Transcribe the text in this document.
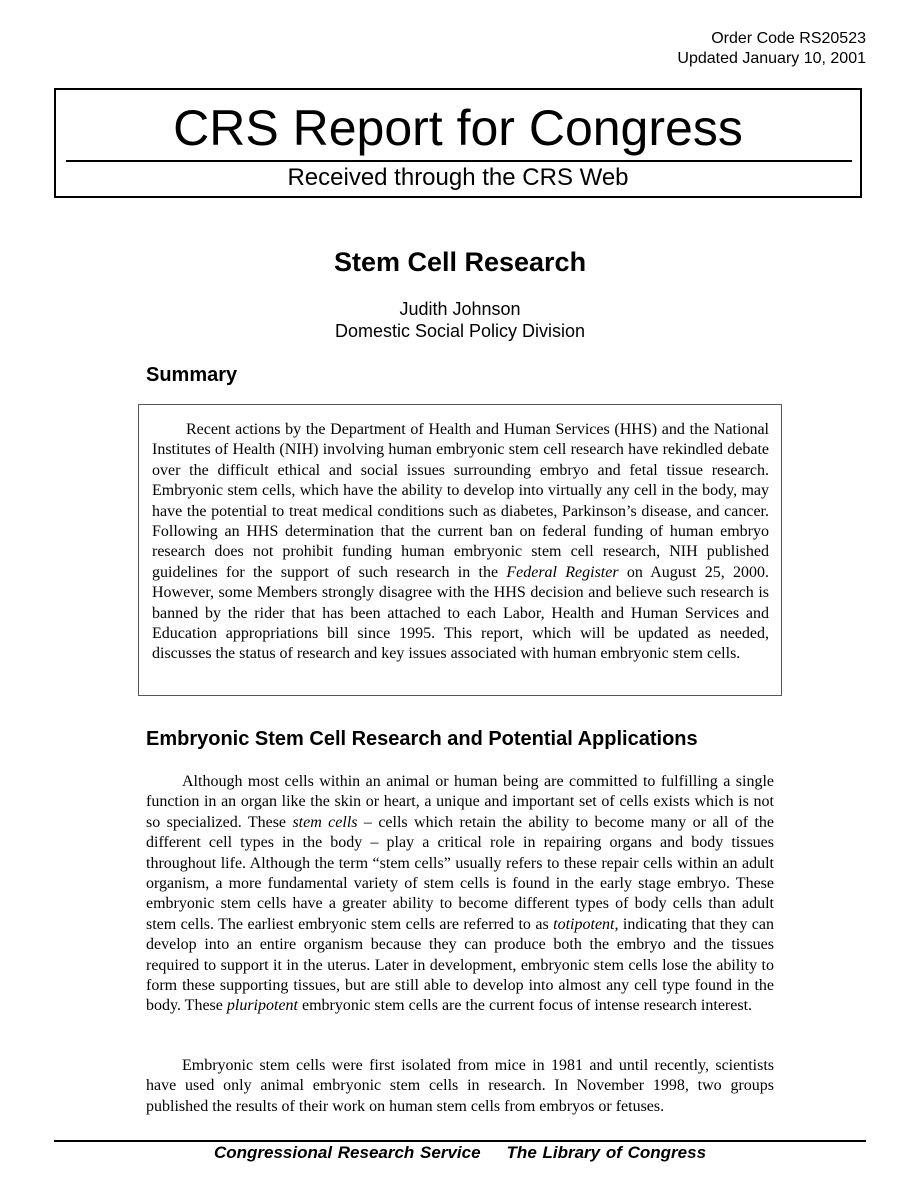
Order Code RS20523
Updated January 10, 2001
CRS Report for Congress
Received through the CRS Web
Stem Cell Research
Judith Johnson
Domestic Social Policy Division
Summary

Recent actions by the Department of Health and Human Services (HHS) and the National Institutes of Health (NIH) involving human embryonic stem cell research have rekindled debate over the difficult ethical and social issues surrounding embryo and fetal tissue research. Embryonic stem cells, which have the ability to develop into virtually any cell in the body, may have the potential to treat medical conditions such as diabetes, Parkinson’s disease, and cancer. Following an HHS determination that the current ban on federal funding of human embryo research does not prohibit funding human embryonic stem cell research, NIH published guidelines for the support of such research in the Federal Register on August 25, 2000. However, some Members strongly disagree with the HHS decision and believe such research is banned by the rider that has been attached to each Labor, Health and Human Services and Education appropriations bill since 1995. This report, which will be updated as needed, discusses the status of research and key issues associated with human embryonic stem cells.

Embryonic Stem Cell Research and Potential Applications

Although most cells within an animal or human being are committed to fulfilling a single function in an organ like the skin or heart, a unique and important set of cells exists which is not so specialized. These stem cells – cells which retain the ability to become many or all of the different cell types in the body – play a critical role in repairing organs and body tissues throughout life. Although the term “stem cells” usually refers to these repair cells within an adult organism, a more fundamental variety of stem cells is found in the early stage embryo. These embryonic stem cells have a greater ability to become different types of body cells than adult stem cells. The earliest embryonic stem cells are referred to as totipotent, indicating that they can develop into an entire organism because they can produce both the embryo and the tissues required to support it in the uterus. Later in development, embryonic stem cells lose the ability to form these supporting tissues, but are still able to develop into almost any cell type found in the body. These pluripotent embryonic stem cells are the current focus of intense research interest.

Embryonic stem cells were first isolated from mice in 1981 and until recently, scientists have used only animal embryonic stem cells in research. In November 1998, two groups published the results of their work on human stem cells from embryos or fetuses.

Congressional Research Service The Library of Congress
